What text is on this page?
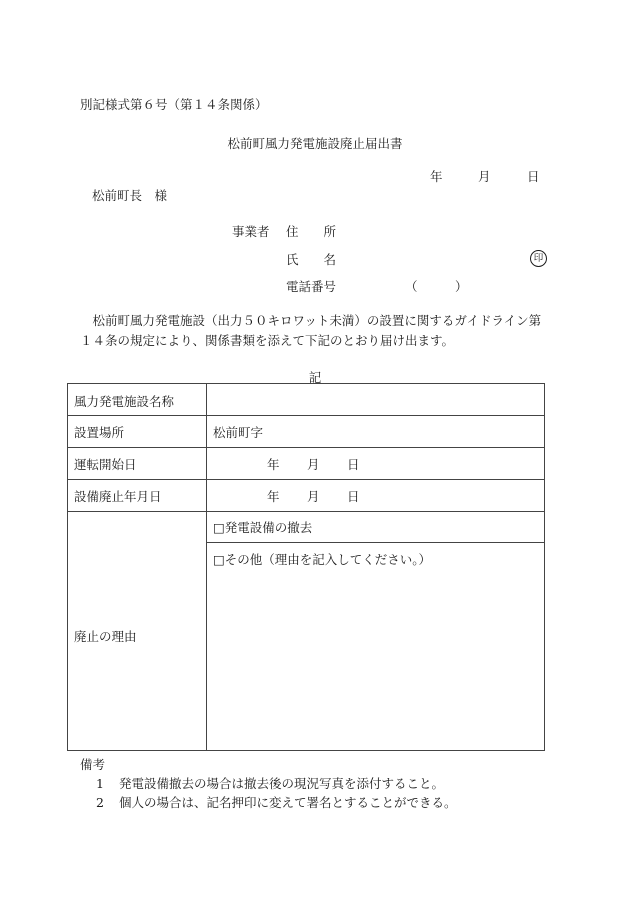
別記様式第６号（第１４条関係）
松前町風力発電施設廃止届出書
年	月	日
松前町長　様
事業者 住　　所
氏　　名	印
電話番号	（　　　）
松前町風力発電施設（出力５０キロワット未満）の設置に関するガイドライン第１４条の規定により、関係書類を添えて下記のとおり届け出ます。
記
風力発電施設名称
設置場所	松前町字
運転開始日	年 月 日
設備廃止年月日	年 月 日
廃止の理由
□発電設備の撤去
□その他（理由を記入してください。）
備考
1 発電設備撤去の場合は撤去後の現況写真を添付すること。
2 個人の場合は、記名押印に変えて署名とすることができる。
